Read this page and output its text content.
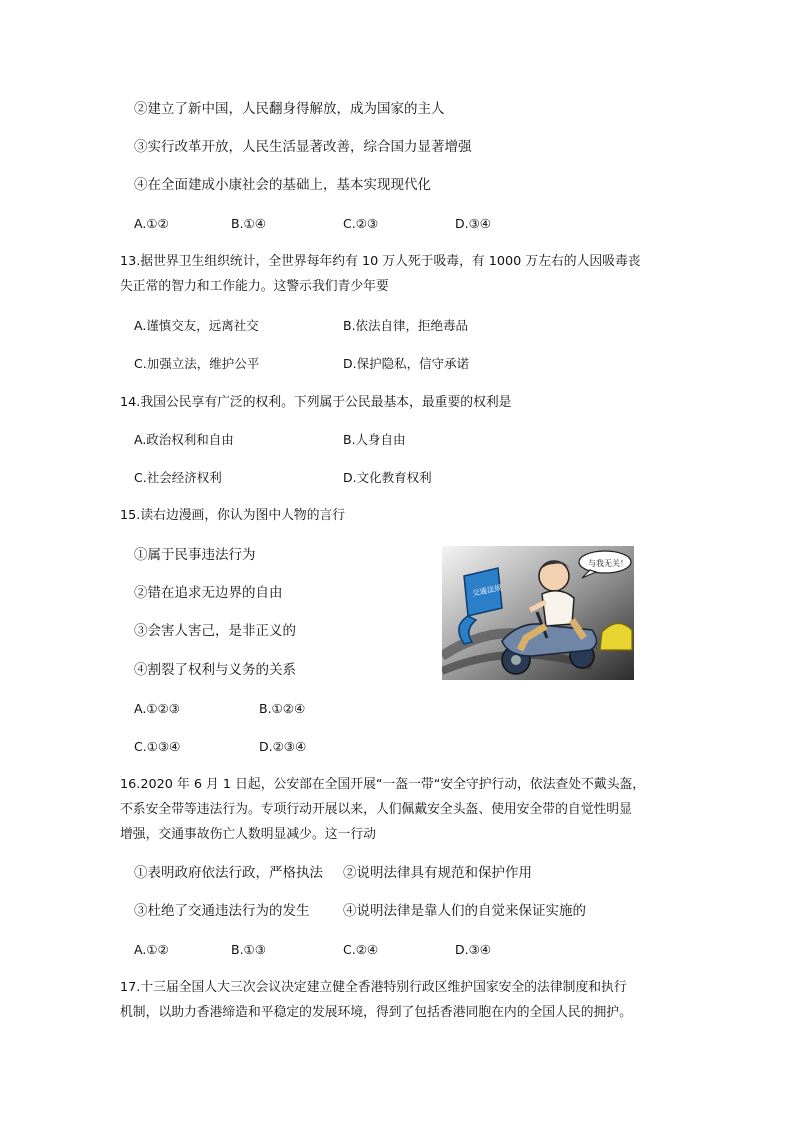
②建立了新中国，人民翻身得解放，成为国家的主人
③实行改革开放，人民生活显著改善，综合国力显著增强
④在全面建成小康社会的基础上，基本实现现代化
A.①②	B.①④	C.②③	D.③④
13.据世界卫生组织统计，全世界每年约有 10 万人死于吸毒，有 1000 万左右的人因吸毒丧
失正常的智力和工作能力。这警示我们青少年要
A.谨慎交友，远离社交	B.依法自律，拒绝毒品
C.加强立法，维护公平	D.保护隐私，信守承诺
14.我国公民享有广泛的权利。下列属于公民最基本，最重要的权利是
A.政治权利和自由	B.人身自由
C.社会经济权利	D.文化教育权利
15.读右边漫画，你认为图中人物的言行
①属于民事违法行为
②错在追求无边界的自由
③会害人害己，是非正义的
④割裂了权利与义务的关系
A.①②③	B.①②④
C.①③④	D.②③④
交通法规
与我无关！
16.2020 年 6 月 1 日起，公安部在全国开展“一盔一带“安全守护行动，依法查处不戴头盔，
不系安全带等违法行为。专项行动开展以来，人们佩戴安全头盔、使用安全带的自觉性明显
增强，交通事故伤亡人数明显减少。这一行动
①表明政府依法行政，严格执法 ②说明法律具有规范和保护作用
③杜绝了交通违法行为的发生 ④说明法律是靠人们的自觉来保证实施的
A.①②	B.①③	C.②④	D.③④
17.十三届全国人大三次会议决定建立健全香港特别行政区维护国家安全的法律制度和执行
机制，以助力香港缔造和平稳定的发展环境，得到了包括香港同胞在内的全国人民的拥护。
